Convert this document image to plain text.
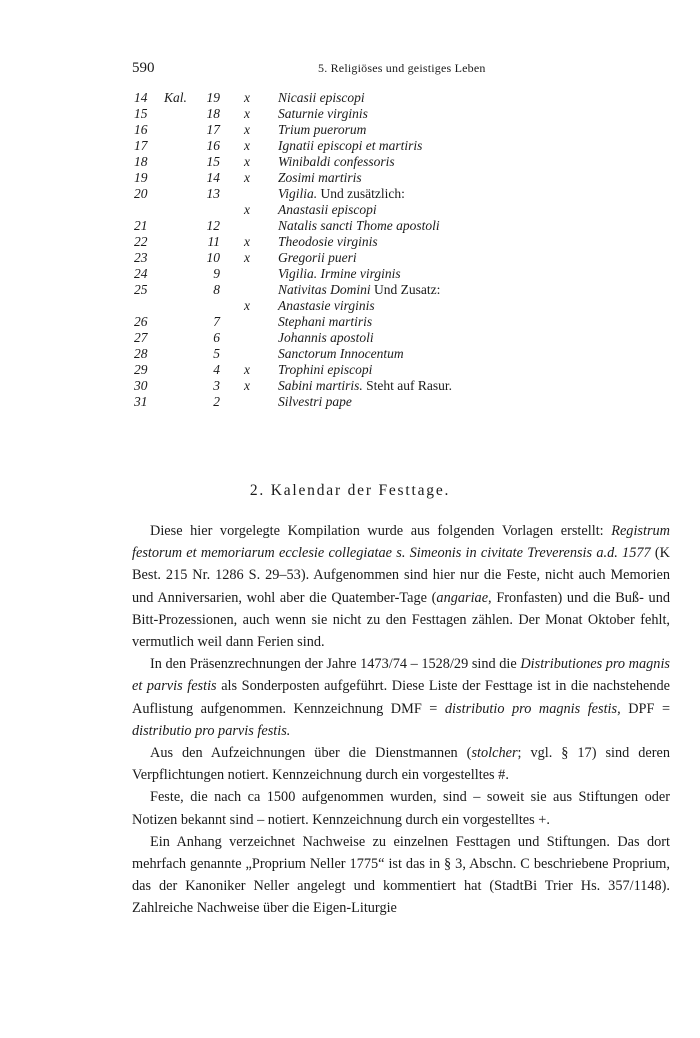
590	5. Religiöses und geistiges Leben
14 Kal.	19 x Nicasii episcopi
15	18 x Saturnie virginis
16	17 x Trium puerorum
17	16 x Ignatii episcopi et martiris
18	15 x Winibaldi confessoris
19	14 x Zosimi martiris
20	13	Vigilia. Und zusätzlich:
x Anastasii episcopi
21	12	Natalis sancti Thome apostoli
22	11 x Theodosie virginis
23	10 x Gregorii pueri
24	9	Vigilia. Irmine virginis
25	8	Nativitas Domini Und Zusatz:
x Anastasie virginis
26	7	Stephani martiris
27	6	Johannis apostoli
28	5	Sanctorum Innocentum
29	4 x Trophini episcopi
30	3 x Sabini martiris. Steht auf Rasur.
31	2	Silvestri pape
2. Kalendar der Festtage.

Diese hier vorgelegte Kompilation wurde aus folgenden Vorlagen erstellt: Registrum festorum et memoriarum ecclesie collegiatae s. Simeonis in civitate Treverensis a.d. 1577 (K Best. 215 Nr. 1286 S. 29–53). Aufgenommen sind hier nur die Feste, nicht auch Memorien und Anniversarien, wohl aber die Quatember-Tage (angariae, Fronfasten) und die Buß- und Bitt-Prozessionen, auch wenn sie nicht zu den Festtagen zählen. Der Monat Oktober fehlt, vermutlich weil dann Ferien sind.

In den Präsenzrechnungen der Jahre 1473/74 – 1528/29 sind die Distributiones pro magnis et parvis festis als Sonderposten aufgeführt. Diese Liste der Festtage ist in die nachstehende Auflistung aufgenommen. Kennzeichnung DMF = distributio pro magnis festis, DPF = distributio pro parvis festis.

Aus den Aufzeichnungen über die Dienstmannen (stolcher; vgl. § 17) sind deren Verpflichtungen notiert. Kennzeichnung durch ein vorgestelltes #.

Feste, die nach ca 1500 aufgenommen wurden, sind – soweit sie aus Stiftungen oder Notizen bekannt sind – notiert. Kennzeichnung durch ein vorgestelltes +.

Ein Anhang verzeichnet Nachweise zu einzelnen Festtagen und Stiftungen. Das dort mehrfach genannte „Proprium Neller 1775“ ist das in § 3, Abschn. C beschriebene Proprium, das der Kanoniker Neller angelegt und kommentiert hat (StadtBi Trier Hs. 357/1148). Zahlreiche Nachweise über die Eigen-Liturgie
